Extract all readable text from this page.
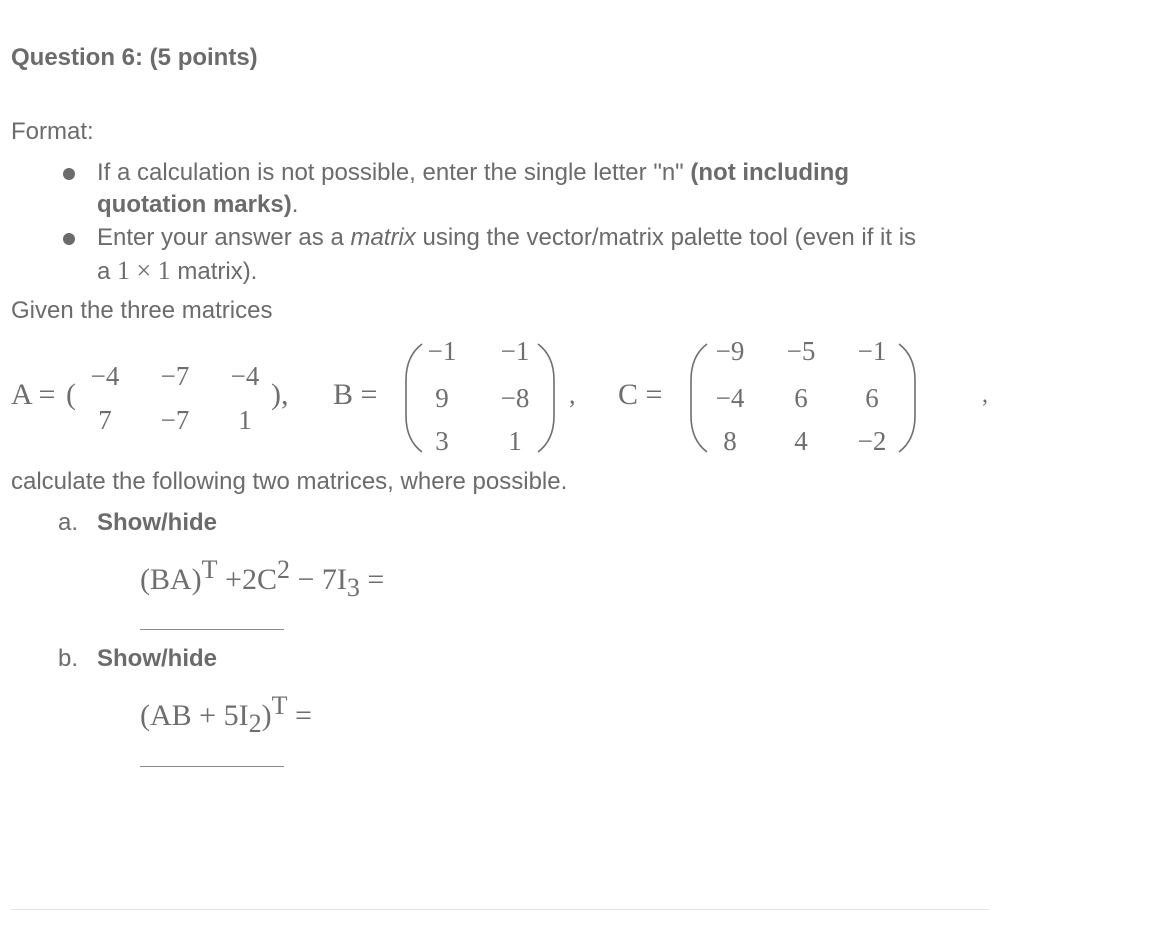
Question 6: (5 points)
Format:
If a calculation is not possible, enter the single letter "n" (not including
quotation marks).
Enter your answer as a matrix using the vector/matrix palette tool (even if it is
a 1 × 1 matrix).
Given the three matrices
A = (
−4	−7	−4
7	−7	1
), B =
−1	−1
9	−8
3	1
, C =
−9	−5	−1
−4	6	6
8	4	−2
,
calculate the following two matrices, where possible.
a. Show/hide
$(BA)^T +2C^2 - 7I_3$ =
b. Show/hide
$(AB + 5I_2)^T$ =
